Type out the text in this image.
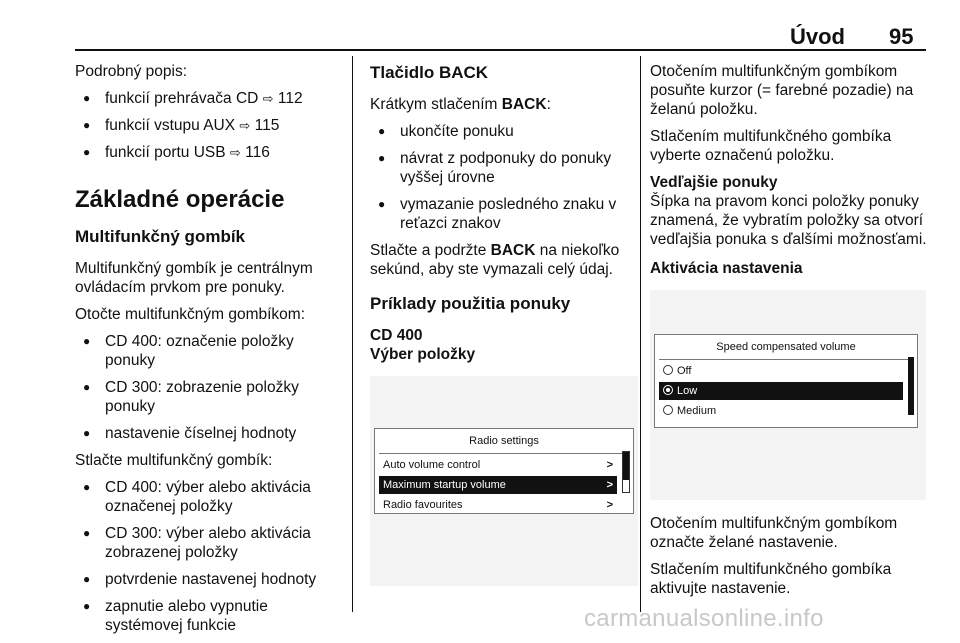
Úvod 95

Podrobný popis:

● funkcií prehrávača CD ⇨ 112
● funkcií vstupu AUX ⇨ 115
● funkcií portu USB ⇨ 116
Základné operácie
Multifunkčný gombík

Multifunkčný gombík je centrálnym ovládacím prvkom pre ponuky.

Otočte multifunkčným gombíkom:

● CD 400: označenie položky ponuky
● CD 300: zobrazenie položky ponuky
● nastavenie číselnej hodnoty

Stlačte multifunkčný gombík:

● CD 400: výber alebo aktivácia označenej položky
● CD 300: výber alebo aktivácia zobrazenej položky
● potvrdenie nastavenej hodnoty
● zapnutie alebo vypnutie systémovej funkcie
Tlačidlo BACK

Krátkym stlačením BACK:

● ukončíte ponuku
● návrat z podponuky do ponuky vyššej úrovne
● vymazanie posledného znaku v reťazci znakov

Stlačte a podržte BACK na niekoľko sekúnd, aby ste vymazali celý údaj.

Príklady použitia ponuky
CD 400
Výber položky
Radio settings
Auto volume control	>
Maximum startup volume	>
Radio favourites	>

Otočením multifunkčným gombíkom posuňte kurzor (= farebné pozadie) na želanú položku.

Stlačením multifunkčného gombíka vyberte označenú položku.

Vedľajšie ponuky

Šípka na pravom konci položky ponuky znamená, že vybratím položky sa otvorí vedľajšia ponuka s ďalšími možnosťami.

Aktivácia nastavenia
Speed compensated volume
Off
Low
Medium

Otočením multifunkčným gombíkom označte želané nastavenie.

Stlačením multifunkčného gombíka aktivujte nastavenie.

carmanualsonline.info
